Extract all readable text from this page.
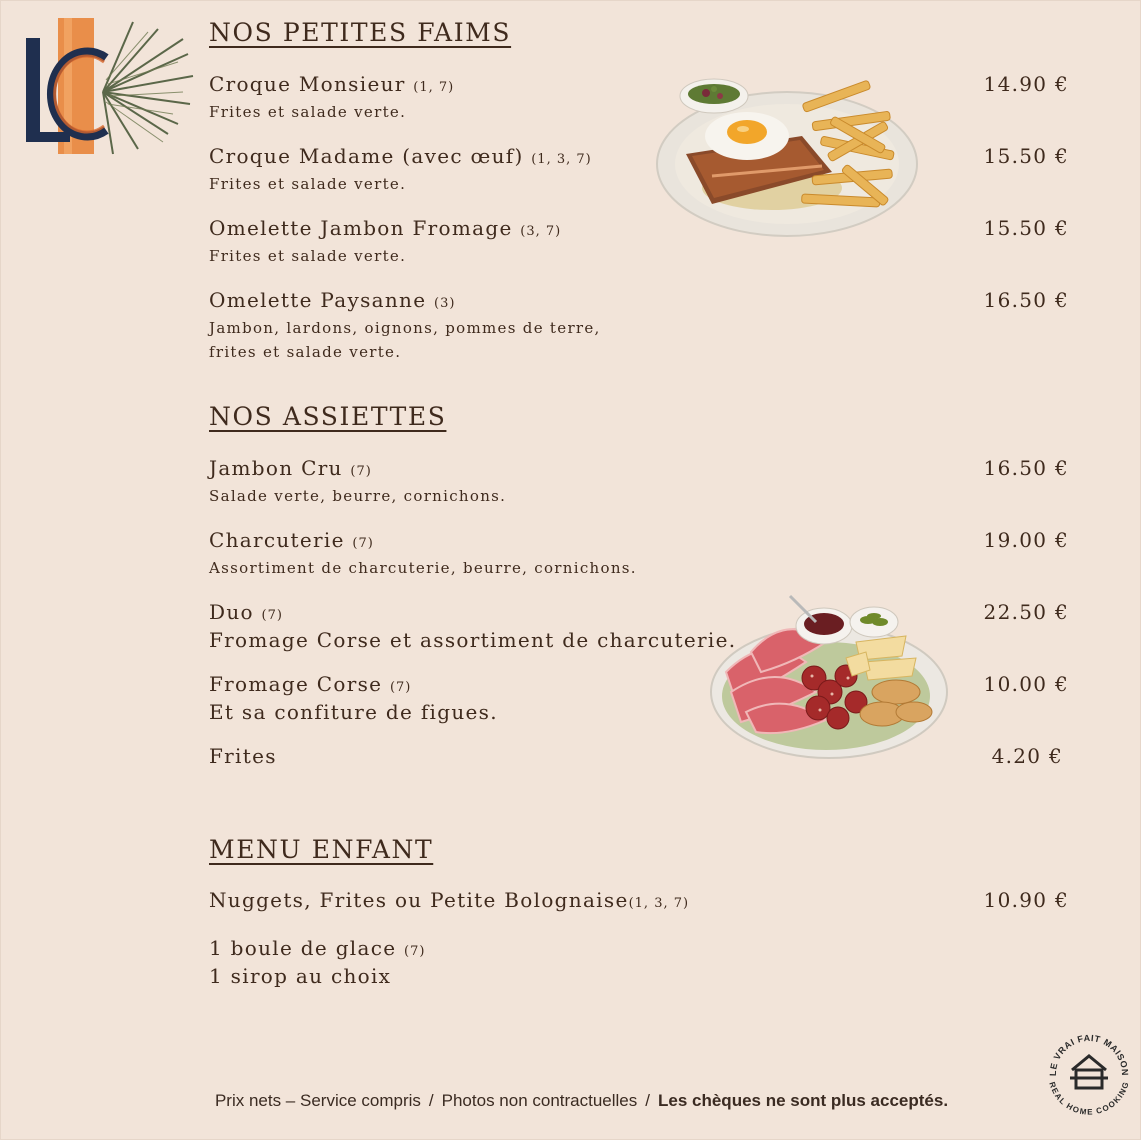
NOS PETITES FAIMS
Croque Monsieur (1, 7)
Frites et salade verte.
14.90 €
Croque Madame (avec œuf) (1, 3, 7)
Frites et salade verte.
15.50 €
Omelette Jambon Fromage (3, 7)
Frites et salade verte.
15.50 €
Omelette Paysanne (3)
Jambon, lardons, oignons, pommes de terre,
frites et salade verte.
16.50 €
NOS ASSIETTES
Jambon Cru (7)
Salade verte, beurre, cornichons.
16.50 €
Charcuterie (7)
Assortiment de charcuterie, beurre, cornichons.
19.00 €
Duo (7)
Fromage Corse et assortiment de charcuterie.
22.50 €
Fromage Corse (7)
Et sa confiture de figues.
10.00 €
Frites	4.20 €
MENU ENFANT
Nuggets, Frites ou Petite Bolognaise(1, 3, 7)	10.90 €
1 boule de glace (7)
1 sirop au choix
Prix nets – Service compris / Photos non contractuelles / Les chèques ne sont plus acceptés.
LE VRAI FAIT MAISON
REAL HOME COOKING
